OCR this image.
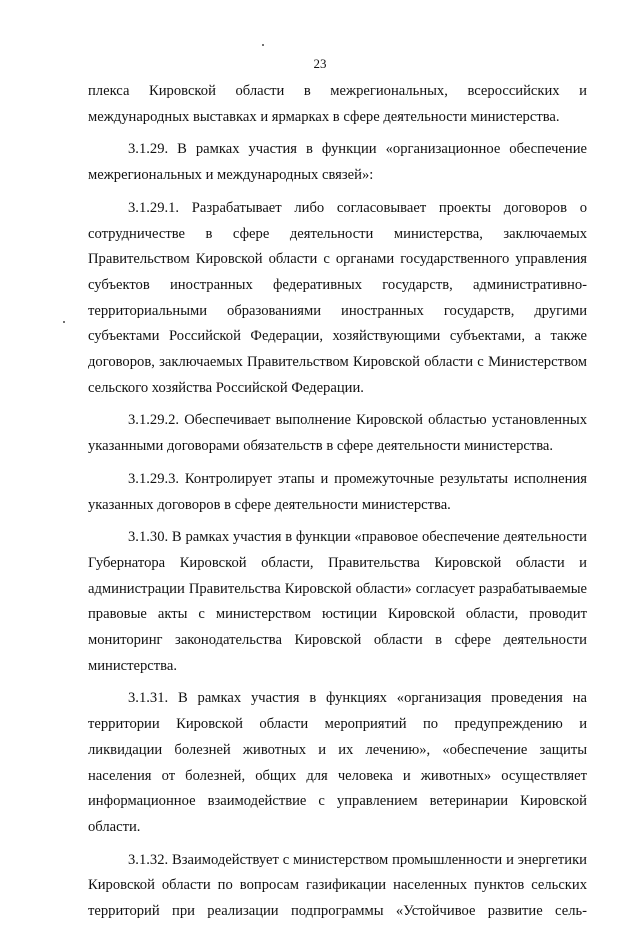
23

плекса Кировской области в межрегиональных, всероссийских и международных выставках и ярмарках в сфере деятельности министерства.

3.1.29. В рамках участия в функции «организационное обеспечение межрегиональных и международных связей»:

3.1.29.1. Разрабатывает либо согласовывает проекты договоров о сотрудничестве в сфере деятельности министерства, заключаемых Правительством Кировской области с органами государственного управления субъектов иностранных федеративных государств, административно-территориальными образованиями иностранных государств, другими субъектами Российской Федерации, хозяйствующими субъектами, а также договоров, заключаемых Правительством Кировской области с Министерством сельского хозяйства Российской Федерации.

3.1.29.2. Обеспечивает выполнение Кировской областью установленных указанными договорами обязательств в сфере деятельности министерства.

3.1.29.3. Контролирует этапы и промежуточные результаты исполнения указанных договоров в сфере деятельности министерства.

3.1.30. В рамках участия в функции «правовое обеспечение деятельности Губернатора Кировской области, Правительства Кировской области и администрации Правительства Кировской области» согласует разрабатываемые правовые акты с министерством юстиции Кировской области, проводит мониторинг законодательства Кировской области в сфере деятельности министерства.

3.1.31. В рамках участия в функциях «организация проведения на территории Кировской области мероприятий по предупреждению и ликвидации болезней животных и их лечению», «обеспечение защиты населения от болезней, общих для человека и животных» осуществляет информационное взаимодействие с управлением ветеринарии Кировской области.

3.1.32. Взаимодействует с министерством промышленности и энергетики Кировской области по вопросам газификации населенных пунктов сельских территорий при реализации подпрограммы «Устойчивое развитие сель-
